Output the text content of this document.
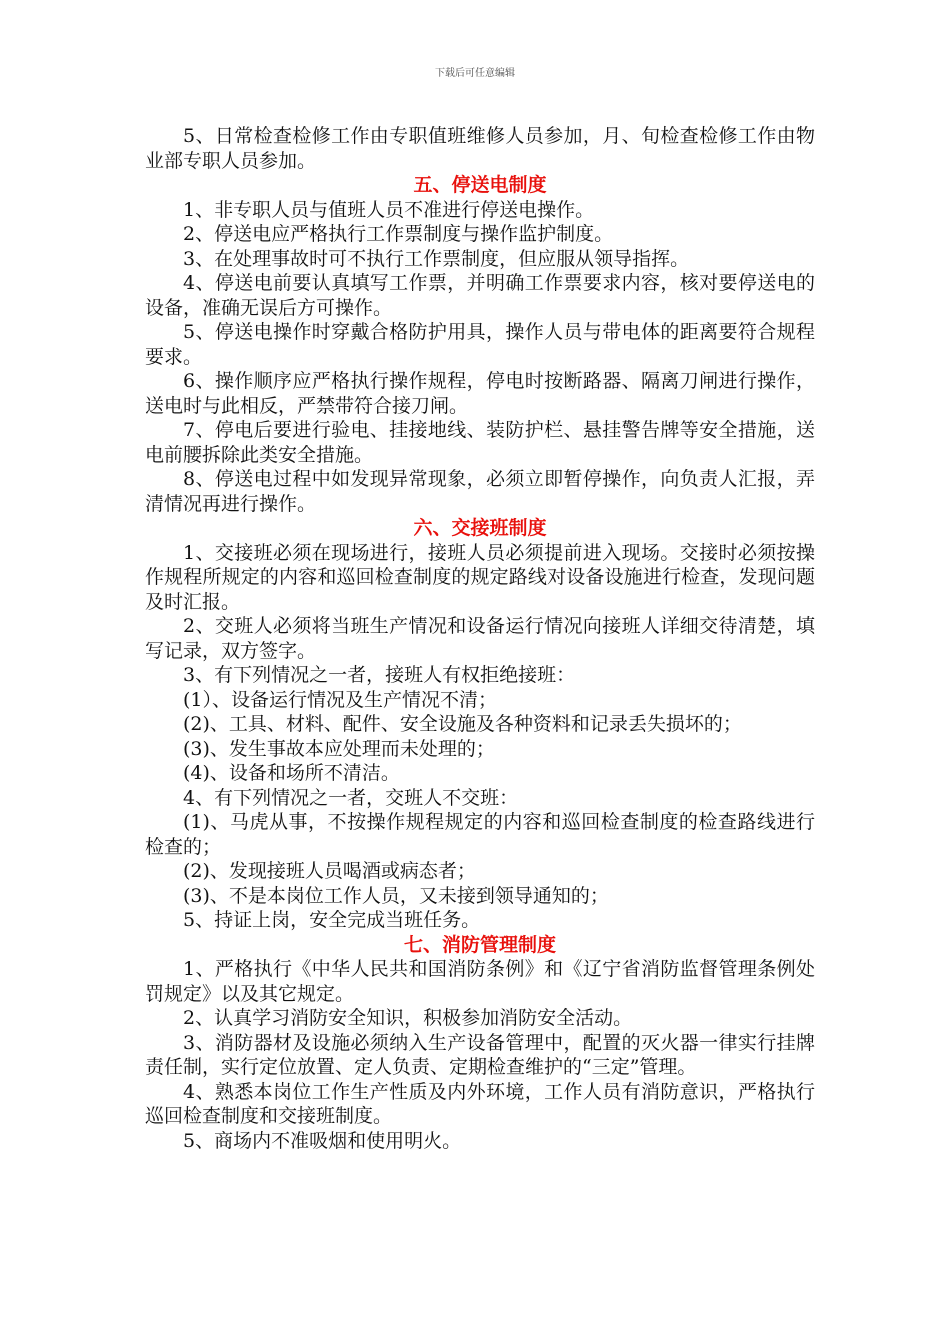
下载后可任意编辑

5、日常检查检修工作由专职值班维修人员参加，月、旬检查检修工作由物业部专职人员参加。

五、停送电制度

1、非专职人员与值班人员不准进行停送电操作。

2、停送电应严格执行工作票制度与操作监护制度。

3、在处理事故时可不执行工作票制度，但应服从领导指挥。

4、停送电前要认真填写工作票，并明确工作票要求内容，核对要停送电的设备，准确无误后方可操作。

5、停送电操作时穿戴合格防护用具，操作人员与带电体的距离要符合规程要求。

6、操作顺序应严格执行操作规程，停电时按断路器、隔离刀闸进行操作，送电时与此相反，严禁带符合接刀闸。

7、停电后要进行验电、挂接地线、装防护栏、悬挂警告牌等安全措施，送电前腰拆除此类安全措施。

8、停送电过程中如发现异常现象，必须立即暂停操作，向负责人汇报，弄清情况再进行操作。

六、交接班制度

1、交接班必须在现场进行，接班人员必须提前进入现场。交接时必须按操作规程所规定的内容和巡回检查制度的规定路线对设备设施进行检查，发现问题及时汇报。

2、交班人必须将当班生产情况和设备运行情况向接班人详细交待清楚，填写记录，双方签字。

3、有下列情况之一者，接班人有权拒绝接班：

(1）、设备运行情况及生产情况不清；

(2)、工具、材料、配件、安全设施及各种资料和记录丢失损坏的；

(3)、发生事故本应处理而未处理的；

(4)、设备和场所不清洁。

4、有下列情况之一者，交班人不交班：

(1)、马虎从事，不按操作规程规定的内容和巡回检查制度的检查路线进行检查的；

(2)、发现接班人员喝酒或病态者；

(3)、不是本岗位工作人员，又未接到领导通知的；

5、持证上岗，安全完成当班任务。

七、消防管理制度

1、严格执行《中华人民共和国消防条例》和《辽宁省消防监督管理条例处罚规定》以及其它规定。

2、认真学习消防安全知识，积极参加消防安全活动。

3、消防器材及设施必须纳入生产设备管理中，配置的灭火器一律实行挂牌责任制，实行定位放置、定人负责、定期检查维护的“三定”管理。

4、熟悉本岗位工作生产性质及内外环境，工作人员有消防意识，严格执行巡回检查制度和交接班制度。

5、商场内不准吸烟和使用明火。
